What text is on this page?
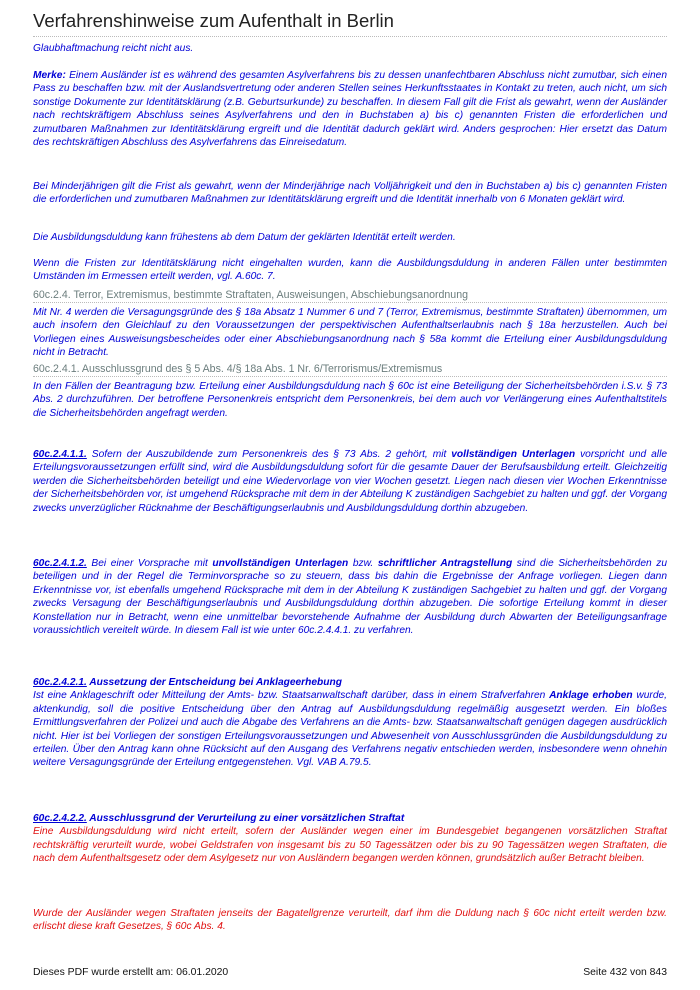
Verfahrenshinweise zum Aufenthalt in Berlin

Glaubhaftmachung reicht nicht aus.

Merke: Einem Ausländer ist es während des gesamten Asylverfahrens bis zu dessen unanfechtbaren Abschluss nicht zumutbar, sich einen Pass zu beschaffen bzw. mit der Auslandsvertretung oder anderen Stellen seines Herkunftsstaates in Kontakt zu treten, auch nicht, um sich sonstige Dokumente zur Identitätsklärung (z.B. Geburtsurkunde) zu beschaffen. In diesem Fall gilt die Frist als gewahrt, wenn der Ausländer nach rechtskräftigem Abschluss seines Asylverfahrens und den in Buchstaben a) bis c) genannten Fristen die erforderlichen und zumutbaren Maßnahmen zur Identitätsklärung ergreift und die Identität dadurch geklärt wird. Anders gesprochen: Hier ersetzt das Datum des rechtskräftigen Abschluss des Asylverfahrens das Einreisedatum.

Bei Minderjährigen gilt die Frist als gewahrt, wenn der Minderjährige nach Volljährigkeit und den in Buchstaben a) bis c) genannten Fristen die erforderlichen und zumutbaren Maßnahmen zur Identitätsklärung ergreift und die Identität innerhalb von 6 Monaten geklärt wird.

Die Ausbildungsduldung kann frühestens ab dem Datum der geklärten Identität erteilt werden.

Wenn die Fristen zur Identitätsklärung nicht eingehalten wurden, kann die Ausbildungsduldung in anderen Fällen unter bestimmten Umständen im Ermessen erteilt werden, vgl. A.60c. 7.

60c.2.4. Terror, Extremismus, bestimmte Straftaten, Ausweisungen, Abschiebungsanordnung

Mit Nr. 4 werden die Versagungsgründe des § 18a Absatz 1 Nummer 6 und 7 (Terror, Extremismus, bestimmte Straftaten) übernommen, um auch insofern den Gleichlauf zu den Voraussetzungen der perspektivischen Aufenthaltserlaubnis nach § 18a herzustellen. Auch bei Vorliegen eines Ausweisungsbescheides oder einer Abschiebungsanordnung nach § 58a kommt die Erteilung einer Ausbildungsduldung nicht in Betracht.

60c.2.4.1. Ausschlussgrund des § 5 Abs. 4/§ 18a Abs. 1 Nr. 6/Terrorismus/Extremismus

In den Fällen der Beantragung bzw. Erteilung einer Ausbildungsduldung nach § 60c ist eine Beteiligung der Sicherheitsbehörden i.S.v. § 73 Abs. 2 durchzuführen. Der betroffene Personenkreis entspricht dem Personenkreis, bei dem auch vor Verlängerung eines Aufenthaltstitels die Sicherheitsbehörden angefragt werden.

60c.2.4.1.1. Sofern der Auszubildende zum Personenkreis des § 73 Abs. 2 gehört, mit vollständigen Unterlagen vorspricht und alle Erteilungsvoraussetzungen erfüllt sind, wird die Ausbildungsduldung sofort für die gesamte Dauer der Berufsausbildung erteilt. Gleichzeitig werden die Sicherheitsbehörden beteiligt und eine Wiedervorlage von vier Wochen gesetzt. Liegen nach diesen vier Wochen Erkenntnisse der Sicherheitsbehörden vor, ist umgehend Rücksprache mit dem in der Abteilung K zuständigen Sachgebiet zu halten und ggf. der Vorgang zwecks unverzüglicher Rücknahme der Beschäftigungserlaubnis und Ausbildungsduldung dorthin abzugeben.

60c.2.4.1.2. Bei einer Vorsprache mit unvollständigen Unterlagen bzw. schriftlicher Antragstellung sind die Sicherheitsbehörden zu beteiligen und in der Regel die Terminvorsprache so zu steuern, dass bis dahin die Ergebnisse der Anfrage vorliegen. Liegen dann Erkenntnisse vor, ist ebenfalls umgehend Rücksprache mit dem in der Abteilung K zuständigen Sachgebiet zu halten und ggf. der Vorgang zwecks Versagung der Beschäftigungserlaubnis und Ausbildungsduldung dorthin abzugeben. Die sofortige Erteilung kommt in dieser Konstellation nur in Betracht, wenn eine unmittelbar bevorstehende Aufnahme der Ausbildung durch Abwarten der Beteiligungsanfrage voraussichtlich vereitelt würde. In diesem Fall ist wie unter 60c.2.4.4.1. zu verfahren.

60c.2.4.2.1. Aussetzung der Entscheidung bei Anklageerhebung
Ist eine Anklageschrift oder Mitteilung der Amts- bzw. Staatsanwaltschaft darüber, dass in einem Strafverfahren Anklage erhoben wurde, aktenkundig, soll die positive Entscheidung über den Antrag auf Ausbildungsduldung regelmäßig ausgesetzt werden. Ein bloßes Ermittlungsverfahren der Polizei und auch die Abgabe des Verfahrens an die Amts- bzw. Staatsanwaltschaft genügen dagegen ausdrücklich nicht. Hier ist bei Vorliegen der sonstigen Erteilungsvoraussetzungen und Abwesenheit von Ausschlussgründen die Ausbildungsduldung zu erteilen. Über den Antrag kann ohne Rücksicht auf den Ausgang des Verfahrens negativ entschieden werden, insbesondere wenn ohnehin weitere Versagungsgründe der Erteilung entgegenstehen. Vgl. VAB A.79.5.
60c.2.4.2.2. Ausschlussgrund der Verurteilung zu einer vorsätzlichen Straftat
Eine Ausbildungsduldung wird nicht erteilt, sofern der Ausländer wegen einer im Bundesgebiet begangenen vorsätzlichen Straftat rechtskräftig verurteilt wurde, wobei Geldstrafen von insgesamt bis zu 50 Tagessätzen oder bis zu 90 Tagessätzen wegen Straftaten, die nach dem Aufenthaltsgesetz oder dem Asylgesetz nur von Ausländern begangen werden können, grundsätzlich außer Betracht bleiben.

Wurde der Ausländer wegen Straftaten jenseits der Bagatellgrenze verurteilt, darf ihm die Duldung nach § 60c nicht erteilt werden bzw. erlischt diese kraft Gesetzes, § 60c Abs. 4.

Dieses PDF wurde erstellt am: 06.01.2020	Seite 432 von 843
